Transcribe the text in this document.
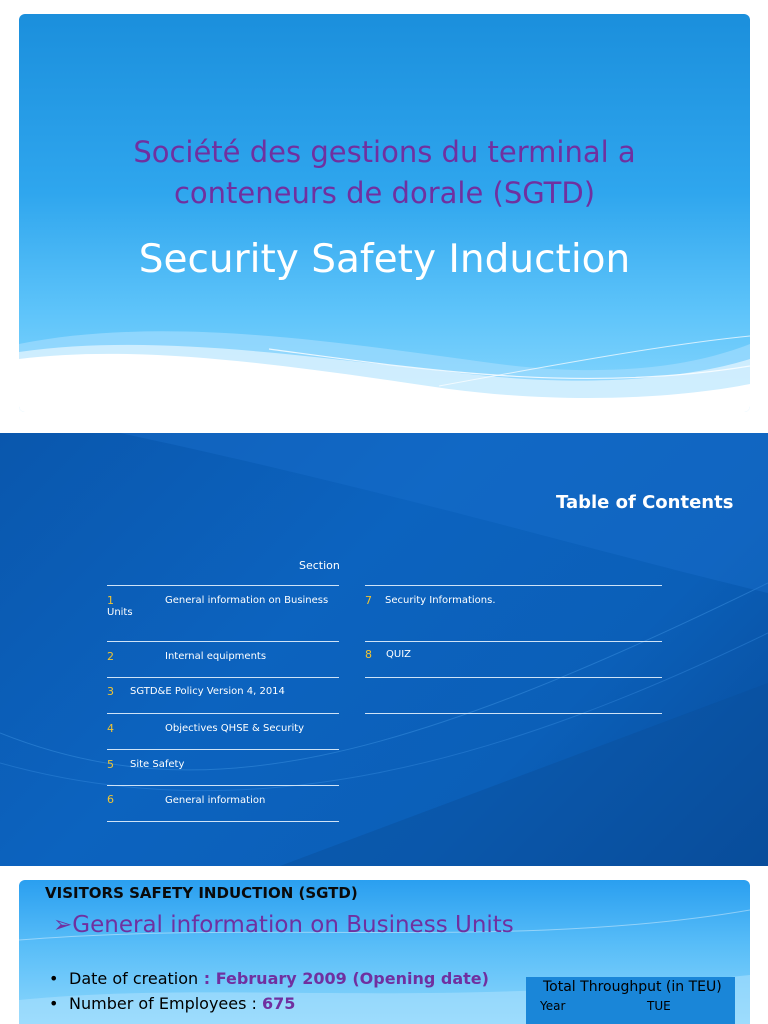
Société des gestions du terminal a
conteneurs de dorale (SGTD)

Security Safety Induction

Table of Contents
Section
1	General information on Business
Units
2	Internal equipments
3 SGTD&E Policy Version 4, 2014
4	Objectives QHSE & Security
5 Site Safety
6	General information
7 Security Informations.
8 QUIZ
VISITORS SAFETY INDUCTION (SGTD)
➢General information on Business Units
• Date of creation : February 2009 (Opening date)
• Number of Employees : 675
Total Throughput (in TEU)
Year	TUE
